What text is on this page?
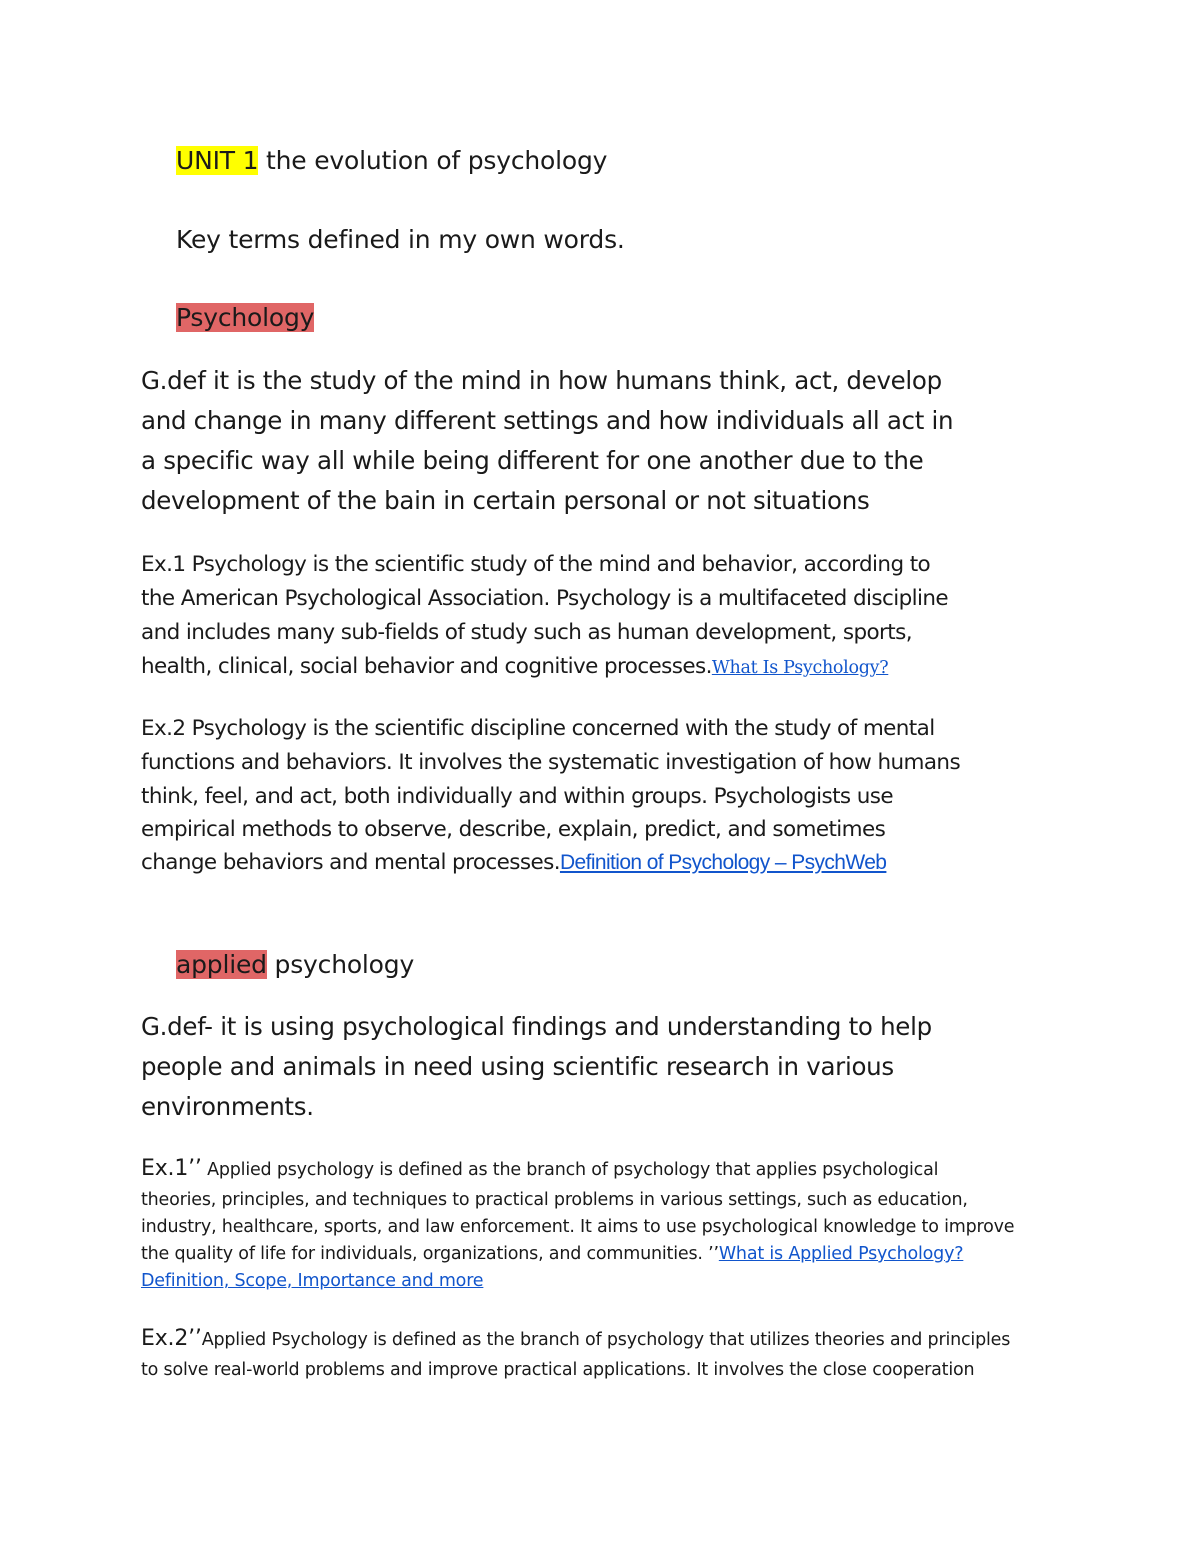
UNIT 1 the evolution of psychology
Key terms defined in my own words.
Psychology
G.def it is the study of the mind in how humans think, act, develop
and change in many different settings and how individuals all act in
a specific way all while being different for one another due to the
development of the bain in certain personal or not situations
Ex.1 Psychology is the scientific study of the mind and behavior, according to
the American Psychological Association. Psychology is a multifaceted discipline
and includes many sub-fields of study such as human development, sports,
health, clinical, social behavior and cognitive processes.What Is Psychology?
Ex.2 Psychology is the scientific discipline concerned with the study of mental
functions and behaviors. It involves the systematic investigation of how humans
think, feel, and act, both individually and within groups. Psychologists use
empirical methods to observe, describe, explain, predict, and sometimes
change behaviors and mental processes.Definition of Psychology – PsychWeb
applied psychology
G.def- it is using psychological findings and understanding to help
people and animals in need using scientific research in various
environments.
Ex.1’’ Applied psychology is defined as the branch of psychology that applies psychological
theories, principles, and techniques to practical problems in various settings, such as education,
industry, healthcare, sports, and law enforcement. It aims to use psychological knowledge to improve
the quality of life for individuals, organizations, and communities. ’’What is Applied Psychology?
Definition, Scope, Importance and more
Ex.2’’Applied Psychology is defined as the branch of psychology that utilizes theories and principles
to solve real-world problems and improve practical applications. It involves the close cooperation
